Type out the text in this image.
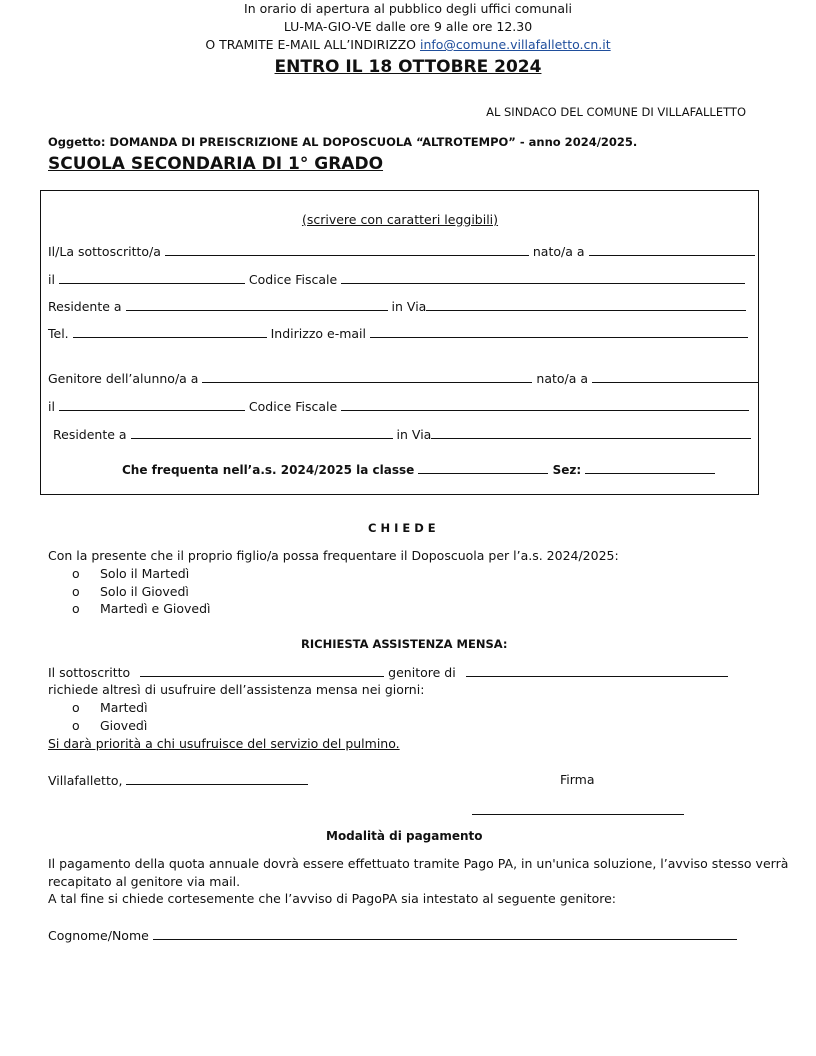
In orario di apertura al pubblico degli uffici comunali
LU-MA-GIO-VE dalle ore 9 alle ore 12.30
O TRAMITE E-MAIL ALL’INDIRIZZO info@comune.villafalletto.cn.it
ENTRO IL 18 OTTOBRE 2024
AL SINDACO DEL COMUNE DI VILLAFALLETTO
Oggetto: DOMANDA DI PREISCRIZIONE AL DOPOSCUOLA “ALTROTEMPO” - anno 2024/2025.
SCUOLA SECONDARIA DI 1° GRADO
(scrivere con caratteri leggibili)
Il/La sottoscritto/a	nato/a a
il	Codice Fiscale
Residente a	in Via
Tel.	Indirizzo e-mail
Genitore dell’alunno/a a	nato/a a
il	Codice Fiscale
Residente a	in Via
Che frequenta nell’a.s. 2024/2025 la classe	Sez:
C H I E D E
Con la presente che il proprio figlio/a possa frequentare il Doposcuola per l’a.s. 2024/2025:
o Solo il Martedì
o Solo il Giovedì
o Martedì e Giovedì
RICHIESTA ASSISTENZA MENSA:
Il sottoscritto	genitore di
richiede altresì di usufruire dell’assistenza mensa nei giorni:
o Martedì
o Giovedì
Si darà priorità a chi usufruisce del servizio del pulmino.
Villafalletto,	Firma
Modalità di pagamento
Il pagamento della quota annuale dovrà essere effettuato tramite Pago PA, in un'unica soluzione, l’avviso stesso verrà
recapitato al genitore via mail.
A tal fine si chiede cortesemente che l’avviso di PagoPA sia intestato al seguente genitore:
Cognome/Nome
